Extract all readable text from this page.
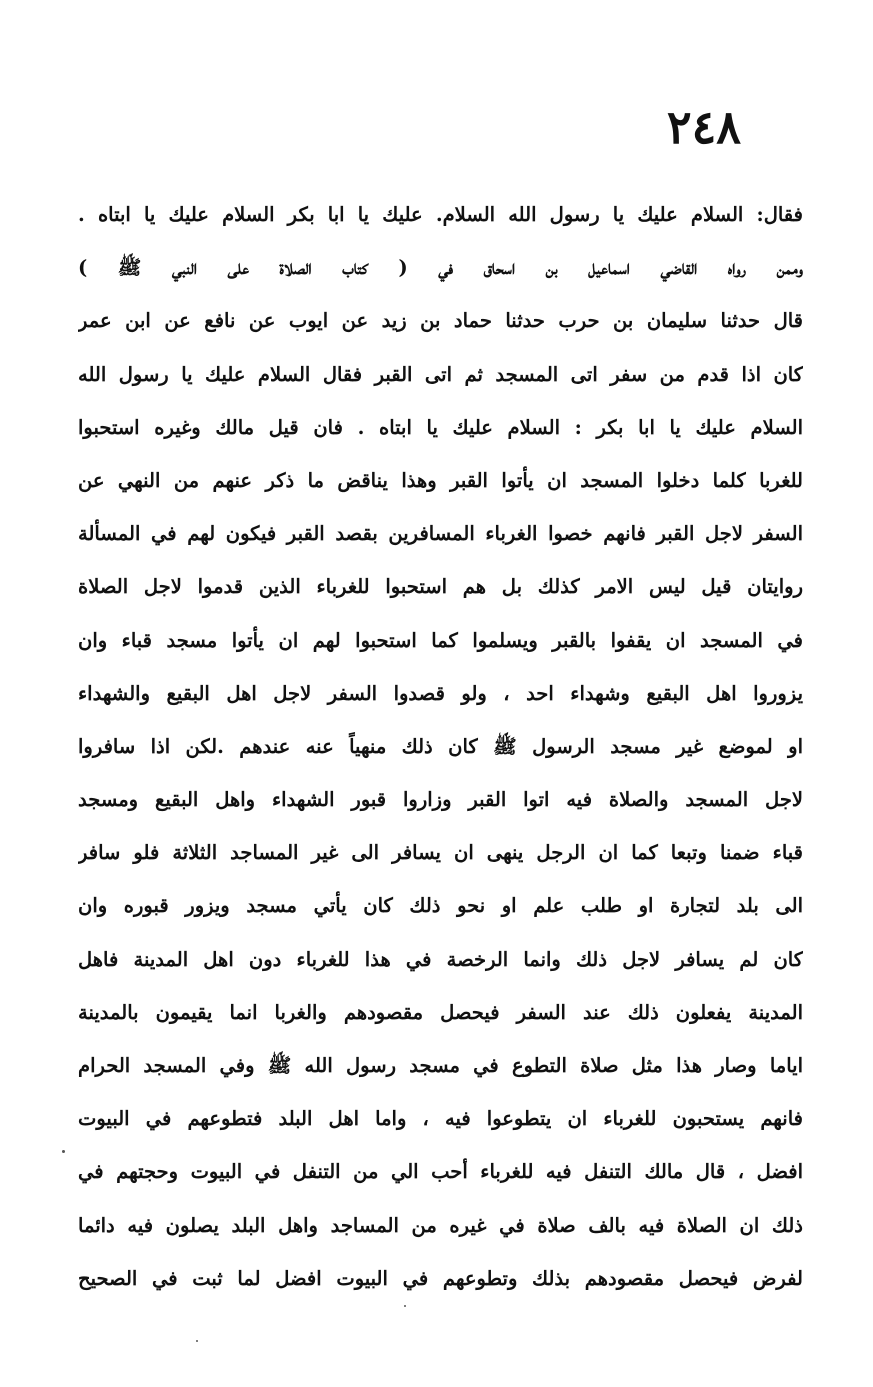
٢٤٨
فقال: السلام عليك يا رسول الله السلام. عليك يا ابا بكر السلام عليك يا ابتاه .
وممن رواه القاضي اسماعيل بن اسحاق في ( كتاب الصلاة على النبي ﷺ )
قال حدثنا سليمان بن حرب حدثنا حماد بن زيد عن ايوب عن نافع عن ابن عمر
كان اذا قدم من سفر اتى المسجد ثم اتى القبر فقال السلام عليك يا رسول الله
السلام عليك يا ابا بكر : السلام عليك يا ابتاه . فان قيل مالك وغيره استحبوا
للغربا كلما دخلوا المسجد ان يأتوا القبر وهذا يناقض ما ذكر عنهم من النهي عن
السفر لاجل القبر فانهم خصوا الغرباء المسافرين بقصد القبر فيكون لهم في المسألة
روايتان قيل ليس الامر كذلك بل هم استحبوا للغرباء الذين قدموا لاجل الصلاة
في المسجد ان يقفوا بالقبر ويسلموا كما استحبوا لهم ان يأتوا مسجد قباء وان
يزوروا اهل البقيع وشهداء احد ، ولو قصدوا السفر لاجل اهل البقيع والشهداء
او لموضع غير مسجد الرسول ﷺ كان ذلك منهياً عنه عندهم .لكن اذا سافروا
لاجل المسجد والصلاة فيه اتوا القبر وزاروا قبور الشهداء واهل البقيع ومسجد
قباء ضمنا وتبعا كما ان الرجل ينهى ان يسافر الى غير المساجد الثلاثة فلو سافر
الى بلد لتجارة او طلب علم او نحو ذلك كان يأتي مسجد ويزور قبوره وان
كان لم يسافر لاجل ذلك وانما الرخصة في هذا للغرباء دون اهل المدينة فاهل
المدينة يفعلون ذلك عند السفر فيحصل مقصودهم والغربا انما يقيمون بالمدينة
اياما وصار هذا مثل صلاة التطوع في مسجد رسول الله ﷺ وفي المسجد الحرام
فانهم يستحبون للغرباء ان يتطوعوا فيه ، واما اهل البلد فتطوعهم في البيوت
افضل ، قال مالك التنفل فيه للغرباء أحب الي من التنفل في البيوت وحجتهم في
ذلك ان الصلاة فيه بالف صلاة في غيره من المساجد واهل البلد يصلون فيه دائما
لفرض فيحصل مقصودهم بذلك وتطوعهم في البيوت افضل لما ثبت في الصحيح
